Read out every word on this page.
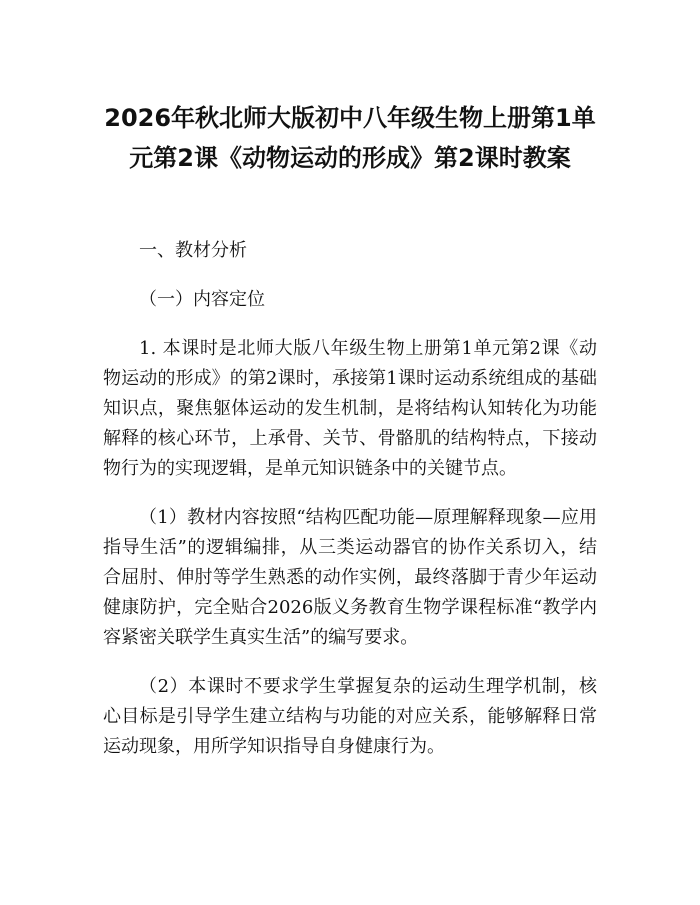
2026年秋北师大版初中八年级生物上册第1单元第2课《动物运动的形成》第2课时教案

一、教材分析

（一）内容定位

1. 本课时是北师大版八年级生物上册第1单元第2课《动物运动的形成》的第2课时，承接第1课时运动系统组成的基础知识点，聚焦躯体运动的发生机制，是将结构认知转化为功能解释的核心环节，上承骨、关节、骨骼肌的结构特点，下接动物行为的实现逻辑，是单元知识链条中的关键节点。

（1）教材内容按照“结构匹配功能—原理解释现象—应用指导生活”的逻辑编排，从三类运动器官的协作关系切入，结合屈肘、伸肘等学生熟悉的动作实例，最终落脚于青少年运动健康防护，完全贴合2026版义务教育生物学课程标准“教学内容紧密关联学生真实生活”的编写要求。

（2）本课时不要求学生掌握复杂的运动生理学机制，核心目标是引导学生建立结构与功能的对应关系，能够解释日常运动现象，用所学知识指导自身健康行为。
